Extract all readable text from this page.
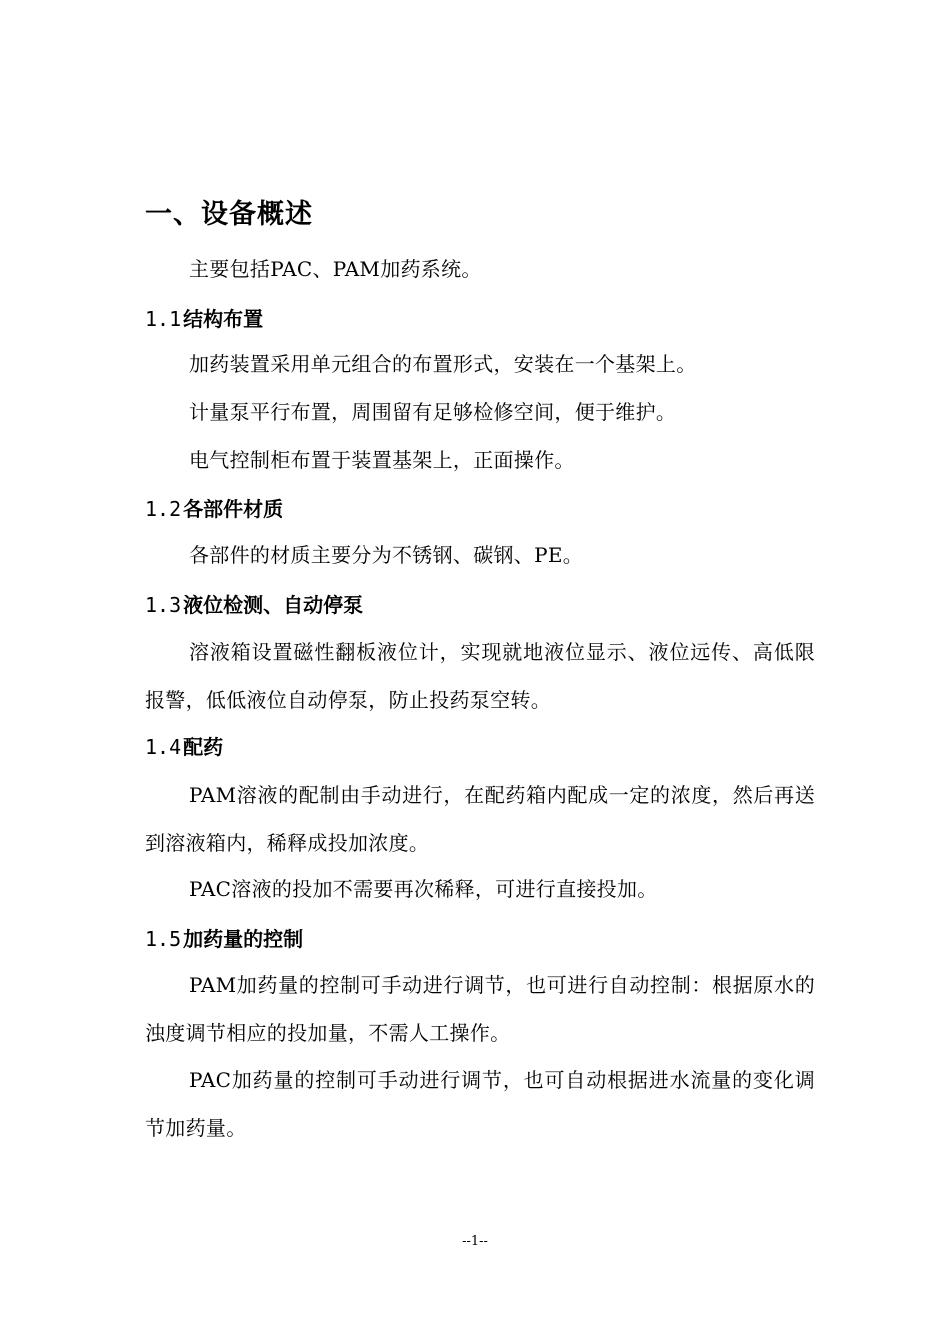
一、设备概述
主要包括PAC、PAM加药系统。
1.1 结构布置
加药装置采用单元组合的布置形式，安装在一个基架上。
计量泵平行布置，周围留有足够检修空间，便于维护。
电气控制柜布置于装置基架上，正面操作。
1.2 各部件材质
各部件的材质主要分为不锈钢、碳钢、PE。
1.3 液位检测、自动停泵
溶液箱设置磁性翻板液位计，实现就地液位显示、液位远传、高低限报警，低低液位自动停泵，防止投药泵空转。
1.4 配药
PAM溶液的配制由手动进行，在配药箱内配成一定的浓度，然后再送到溶液箱内，稀释成投加浓度。
PAC溶液的投加不需要再次稀释，可进行直接投加。
1.5 加药量的控制
PAM加药量的控制可手动进行调节，也可进行自动控制：根据原水的浊度调节相应的投加量，不需人工操作。
PAC加药量的控制可手动进行调节，也可自动根据进水流量的变化调节加药量。
--1--
